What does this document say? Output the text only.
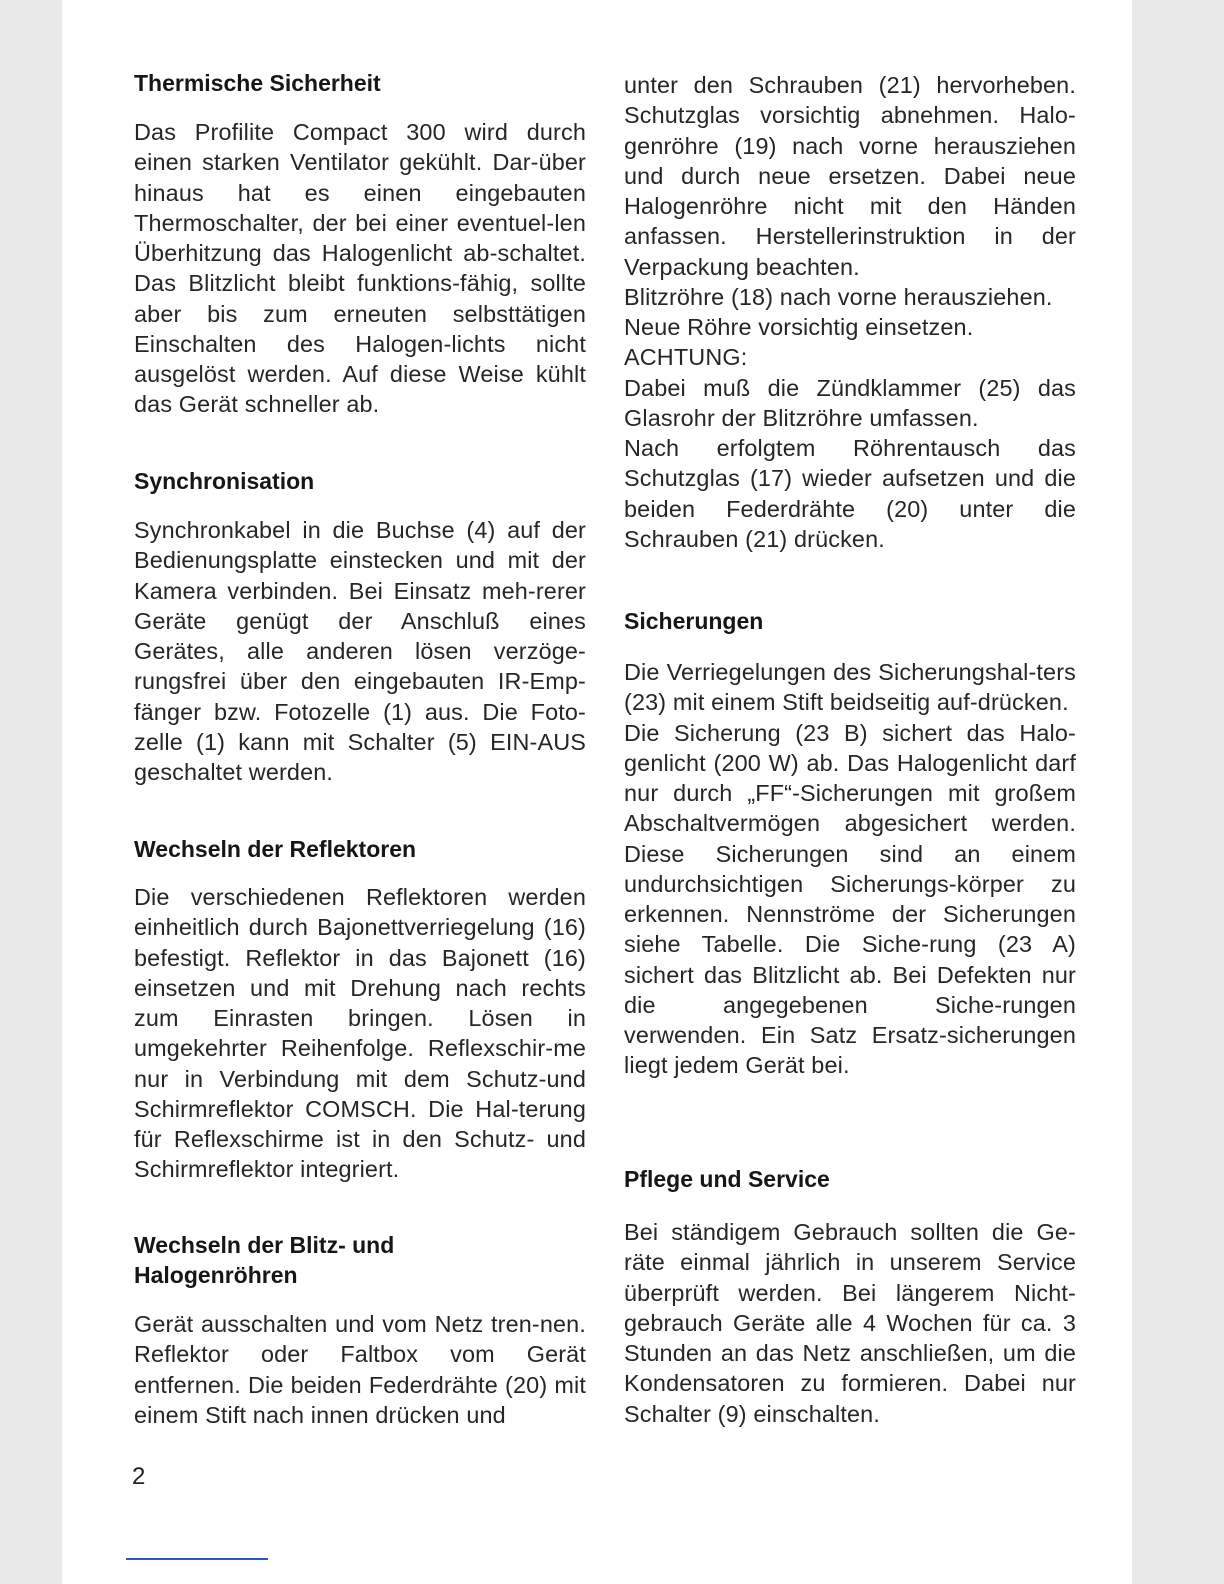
Thermische Sicherheit

Das Profilite Compact 300 wird durch einen starken Ventilator gekühlt. Dar-über hinaus hat es einen eingebauten Thermoschalter, der bei einer eventuel-len Überhitzung das Halogenlicht ab-schaltet. Das Blitzlicht bleibt funktions-fähig, sollte aber bis zum erneuten selbsttätigen Einschalten des Halogen-lichts nicht ausgelöst werden. Auf diese Weise kühlt das Gerät schneller ab.

Synchronisation

Synchronkabel in die Buchse (4) auf der Bedienungsplatte einstecken und mit der Kamera verbinden. Bei Einsatz meh-rerer Geräte genügt der Anschluß eines Gerätes, alle anderen lösen verzöge-rungsfrei über den eingebauten IR-Emp-fänger bzw. Fotozelle (1) aus. Die Foto-zelle (1) kann mit Schalter (5) EIN-AUS geschaltet werden.

Wechseln der Reflektoren

Die verschiedenen Reflektoren werden einheitlich durch Bajonettverriegelung (16) befestigt. Reflektor in das Bajonett (16) einsetzen und mit Drehung nach rechts zum Einrasten bringen. Lösen in umgekehrter Reihenfolge. Reflexschir-me nur in Verbindung mit dem Schutz-und Schirmreflektor COMSCH. Die Hal-terung für Reflexschirme ist in den Schutz- und Schirmreflektor integriert.

Wechseln der Blitz- und
Halogenröhren

Gerät ausschalten und vom Netz tren-nen. Reflektor oder Faltbox vom Gerät entfernen. Die beiden Federdrähte (20) mit einem Stift nach innen drücken und

unter den Schrauben (21) hervorheben. Schutzglas vorsichtig abnehmen. Halo-genröhre (19) nach vorne herausziehen und durch neue ersetzen. Dabei neue Halogenröhre nicht mit den Händen anfassen. Herstellerinstruktion in der Verpackung beachten.
Blitzröhre (18) nach vorne herausziehen.
Neue Röhre vorsichtig einsetzen.
ACHTUNG:
Dabei muß die Zündklammer (25) das Glasrohr der Blitzröhre umfassen.
Nach erfolgtem Röhrentausch das Schutzglas (17) wieder aufsetzen und die beiden Federdrähte (20) unter die Schrauben (21) drücken.

Sicherungen

Die Verriegelungen des Sicherungshal-ters (23) mit einem Stift beidseitig auf-drücken.
Die Sicherung (23 B) sichert das Halo-genlicht (200 W) ab. Das Halogenlicht darf nur durch „FF“-Sicherungen mit großem Abschaltvermögen abgesichert werden. Diese Sicherungen sind an einem undurchsichtigen Sicherungs-körper zu erkennen. Nennströme der Sicherungen siehe Tabelle. Die Siche-rung (23 A) sichert das Blitzlicht ab. Bei Defekten nur die angegebenen Siche-rungen verwenden. Ein Satz Ersatz-sicherungen liegt jedem Gerät bei.

Pflege und Service

Bei ständigem Gebrauch sollten die Ge-räte einmal jährlich in unserem Service überprüft werden. Bei längerem Nicht-gebrauch Geräte alle 4 Wochen für ca. 3 Stunden an das Netz anschließen, um die Kondensatoren zu formieren. Dabei nur Schalter (9) einschalten.

2
